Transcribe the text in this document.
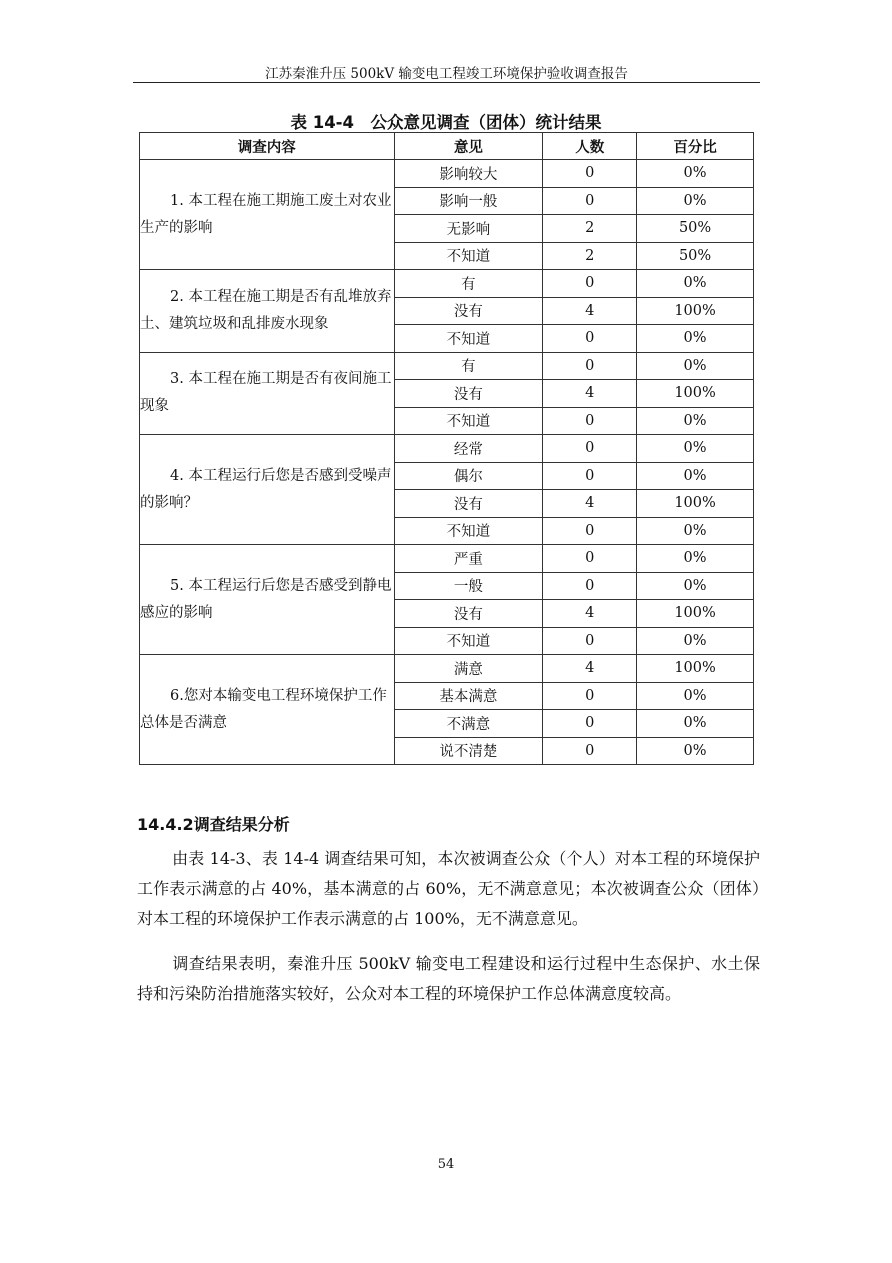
江苏秦淮升压 500kV 输变电工程竣工环境保护验收调查报告
表 14-4　公众意见调查（团体）统计结果
调查内容	意见	人数	百分比
1. 本工程在施工期施工废土对农业生产的影响	影响较大	0	0%
	影响一般	0	0%
	无影响	2	50%
	不知道	2	50%
2. 本工程在施工期是否有乱堆放弃土、建筑垃圾和乱排废水现象	有	0	0%
	没有	4	100%
	不知道	0	0%
3. 本工程在施工期是否有夜间施工现象	有	0	0%
	没有	4	100%
	不知道	0	0%
4. 本工程运行后您是否感到受噪声的影响？	经常	0	0%
	偶尔	0	0%
	没有	4	100%
	不知道	0	0%
5. 本工程运行后您是否感受到静电感应的影响	严重	0	0%
	一般	0	0%
	没有	4	100%
	不知道	0	0%
6.您对本输变电工程环境保护工作总体是否满意	满意	4	100%
	基本满意	0	0%
	不满意	0	0%
	说不清楚	0	0%
14.4.2调查结果分析
由表 14-3、表 14-4 调查结果可知，本次被调查公众（个人）对本工程的环境保护工作表示满意的占 40%，基本满意的占 60%，无不满意意见；本次被调查公众（团体）对本工程的环境保护工作表示满意的占 100%，无不满意意见。
调查结果表明，秦淮升压 500kV 输变电工程建设和运行过程中生态保护、水土保持和污染防治措施落实较好，公众对本工程的环境保护工作总体满意度较高。
54
